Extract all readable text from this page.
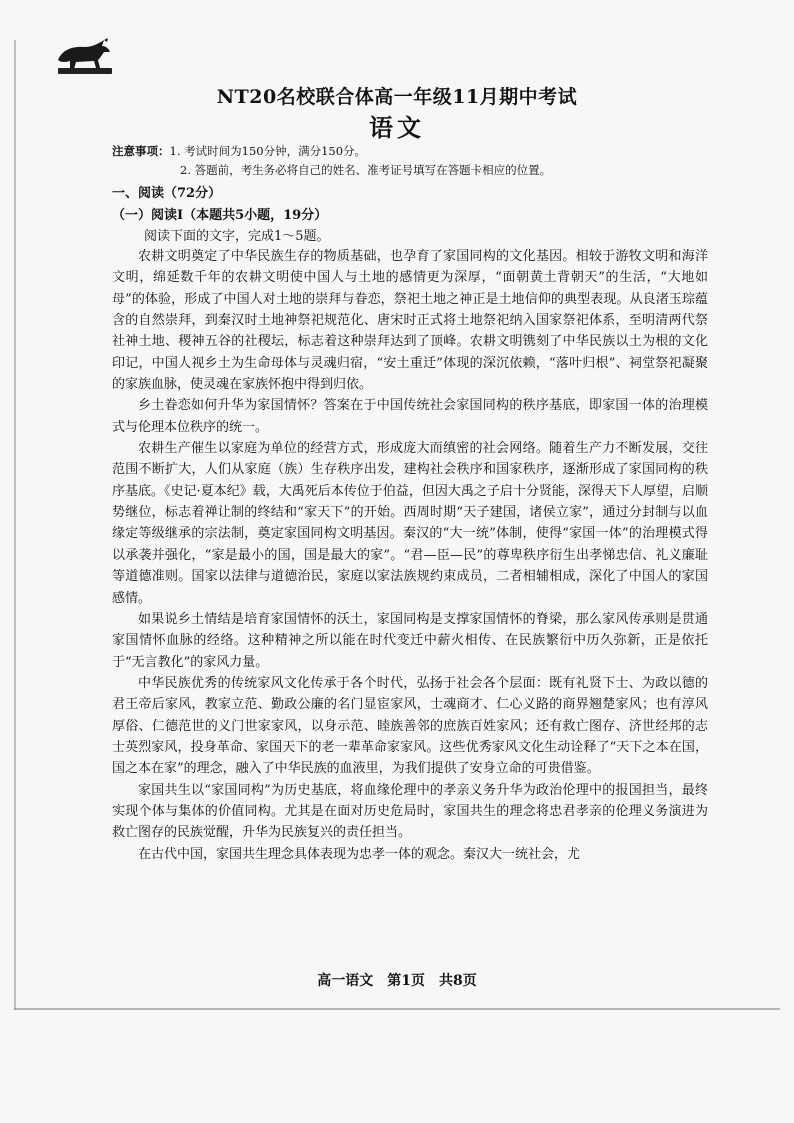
NT20名校联合体高一年级11月期中考试
语文
注意事项：1. 考试时间为150分钟，满分150分。
2. 答题前，考生务必将自己的姓名、准考证号填写在答题卡相应的位置。
一、阅读（72分）
（一）阅读Ⅰ（本题共5小题，19分）
阅读下面的文字，完成1～5题。

农耕文明奠定了中华民族生存的物质基础，也孕育了家国同构的文化基因。相较于游牧文明和海洋文明，绵延数千年的农耕文明使中国人与土地的感情更为深厚，“面朝黄土背朝天”的生活，“大地如母”的体验，形成了中国人对土地的崇拜与眷恋，祭祀土地之神正是土地信仰的典型表现。从良渚玉琮蕴含的自然崇拜，到秦汉时土地神祭祀规范化、唐宋时正式将土地祭祀纳入国家祭祀体系，至明清两代祭社神土地、稷神五谷的社稷坛，标志着这种崇拜达到了顶峰。农耕文明镌刻了中华民族以土为根的文化印记，中国人视乡土为生命母体与灵魂归宿，“安土重迁”体现的深沉依赖，“落叶归根”、祠堂祭祀凝聚的家族血脉，使灵魂在家族怀抱中得到归依。

乡土眷恋如何升华为家国情怀？答案在于中国传统社会家国同构的秩序基底，即家国一体的治理模式与伦理本位秩序的统一。

农耕生产催生以家庭为单位的经营方式，形成庞大而缜密的社会网络。随着生产力不断发展，交往范围不断扩大，人们从家庭（族）生存秩序出发，建构社会秩序和国家秩序，逐渐形成了家国同构的秩序基底。《史记·夏本纪》载，大禹死后本传位于伯益，但因大禹之子启十分贤能，深得天下人厚望，启顺势继位，标志着禅让制的终结和“家天下”的开始。西周时期“天子建国，诸侯立家”，通过分封制与以血缘定等级继承的宗法制，奠定家国同构文明基因。秦汉的“大一统”体制，使得“家国一体”的治理模式得以承袭并强化，“家是最小的国，国是最大的家”。“君—臣—民”的尊卑秩序衍生出孝悌忠信、礼义廉耻等道德准则。国家以法律与道德治民，家庭以家法族规约束成员，二者相辅相成，深化了中国人的家国感情。

如果说乡土情结是培育家国情怀的沃土，家国同构是支撑家国情怀的脊梁，那么家风传承则是贯通家国情怀血脉的经络。这种精神之所以能在时代变迁中薪火相传、在民族繁衍中历久弥新，正是依托于“无言教化”的家风力量。

中华民族优秀的传统家风文化传承于各个时代，弘扬于社会各个层面：既有礼贤下士、为政以德的君王帝后家风，教家立范、勤政公廉的名门显宦家风，士魂商才、仁心义路的商界翘楚家风；也有淳风厚俗、仁德范世的义门世家家风，以身示范、睦族善邻的庶族百姓家风；还有救亡图存、济世经邦的志士英烈家风，投身革命、家国天下的老一辈革命家家风。这些优秀家风文化生动诠释了“天下之本在国，国之本在家”的理念，融入了中华民族的血液里，为我们提供了安身立命的可贵借鉴。

家国共生以“家国同构”为历史基底，将血缘伦理中的孝亲义务升华为政治伦理中的报国担当，最终实现个体与集体的价值同构。尤其是在面对历史危局时，家国共生的理念将忠君孝亲的伦理义务演进为救亡图存的民族觉醒，升华为民族复兴的责任担当。

在古代中国，家国共生理念具体表现为忠孝一体的观念。秦汉大一统社会，尤

高一语文　第1页　共8页
